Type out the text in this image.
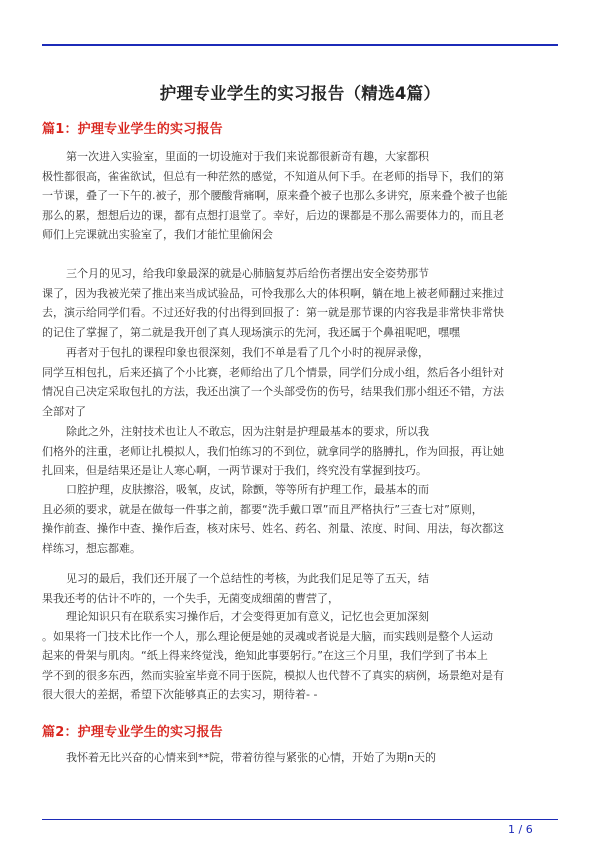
护理专业学生的实习报告（精选4篇）
篇1：护理专业学生的实习报告
第一次进入实验室，里面的一切设施对于我们来说都很新奇有趣，大家都积
极性都很高，雀雀欲试，但总有一种茫然的感觉，不知道从何下手。在老师的指导下，我们的第
一节课，叠了一下午的.被子，那个腰酸背痛啊，原来叠个被子也那么多讲究，原来叠个被子也能
那么的累，想想后边的课，都有点想打退堂了。幸好，后边的课都是不那么需要体力的，而且老
师们上完课就出实验室了，我们才能忙里偷闲会
三个月的见习，给我印象最深的就是心肺脑复苏后给伤者摆出安全姿势那节
课了，因为我被光荣了推出来当成试验品，可怜我那么大的体积啊，躺在地上被老师翻过来推过
去，演示给同学们看。不过还好我的付出得到回报了：第一就是那节课的内容我是非常快非常快
的记住了掌握了，第二就是我开创了真人现场演示的先河，我还属于个鼻祖呢吧，嘿嘿
再者对于包扎的课程印象也很深刻，我们不单是看了几个小时的视屏录像，
同学互相包扎，后来还搞了个小比赛，老师给出了几个情景，同学们分成小组，然后各小组针对
情况自己决定采取包扎的方法，我还出演了一个头部受伤的伤号，结果我们那小组还不错，方法
全部对了
除此之外，注射技术也让人不敢忘，因为注射是护理最基本的要求，所以我
们格外的注重，老师让扎模拟人，我们怕练习的不到位，就拿同学的胳膊扎，作为回报，再让她
扎回来，但是结果还是让人寒心啊，一两节课对于我们，终究没有掌握到技巧。
口腔护理，皮肤擦浴，吸氧，皮试，除颤，等等所有护理工作，最基本的而
且必须的要求，就是在做每一件事之前，都要“洗手戴口罩”而且严格执行”三查七对”原则，
操作前查、操作中查、操作后查，核对床号、姓名、药名、剂量、浓度、时间、用法，每次都这
样练习，想忘都难。
见习的最后，我们还开展了一个总结性的考核，为此我们足足等了五天，结
果我还考的估计不咋的，一个失手，无菌变成细菌的曹营了，
理论知识只有在联系实习操作后，才会变得更加有意义，记忆也会更加深刻
。如果将一门技术比作一个人，那么理论便是她的灵魂或者说是大脑，而实践则是整个人运动
起来的骨架与肌肉。“纸上得来终觉浅，绝知此事要躬行。”在这三个月里，我们学到了书本上
学不到的很多东西，然而实验室毕竟不同于医院，模拟人也代替不了真实的病例，场景绝对是有
很大很大的差据，希望下次能够真正的去实习，期待着- -
篇2：护理专业学生的实习报告
我怀着无比兴奋的心情来到**院，带着彷徨与紧张的心情，开始了为期n天的
1 / 6
